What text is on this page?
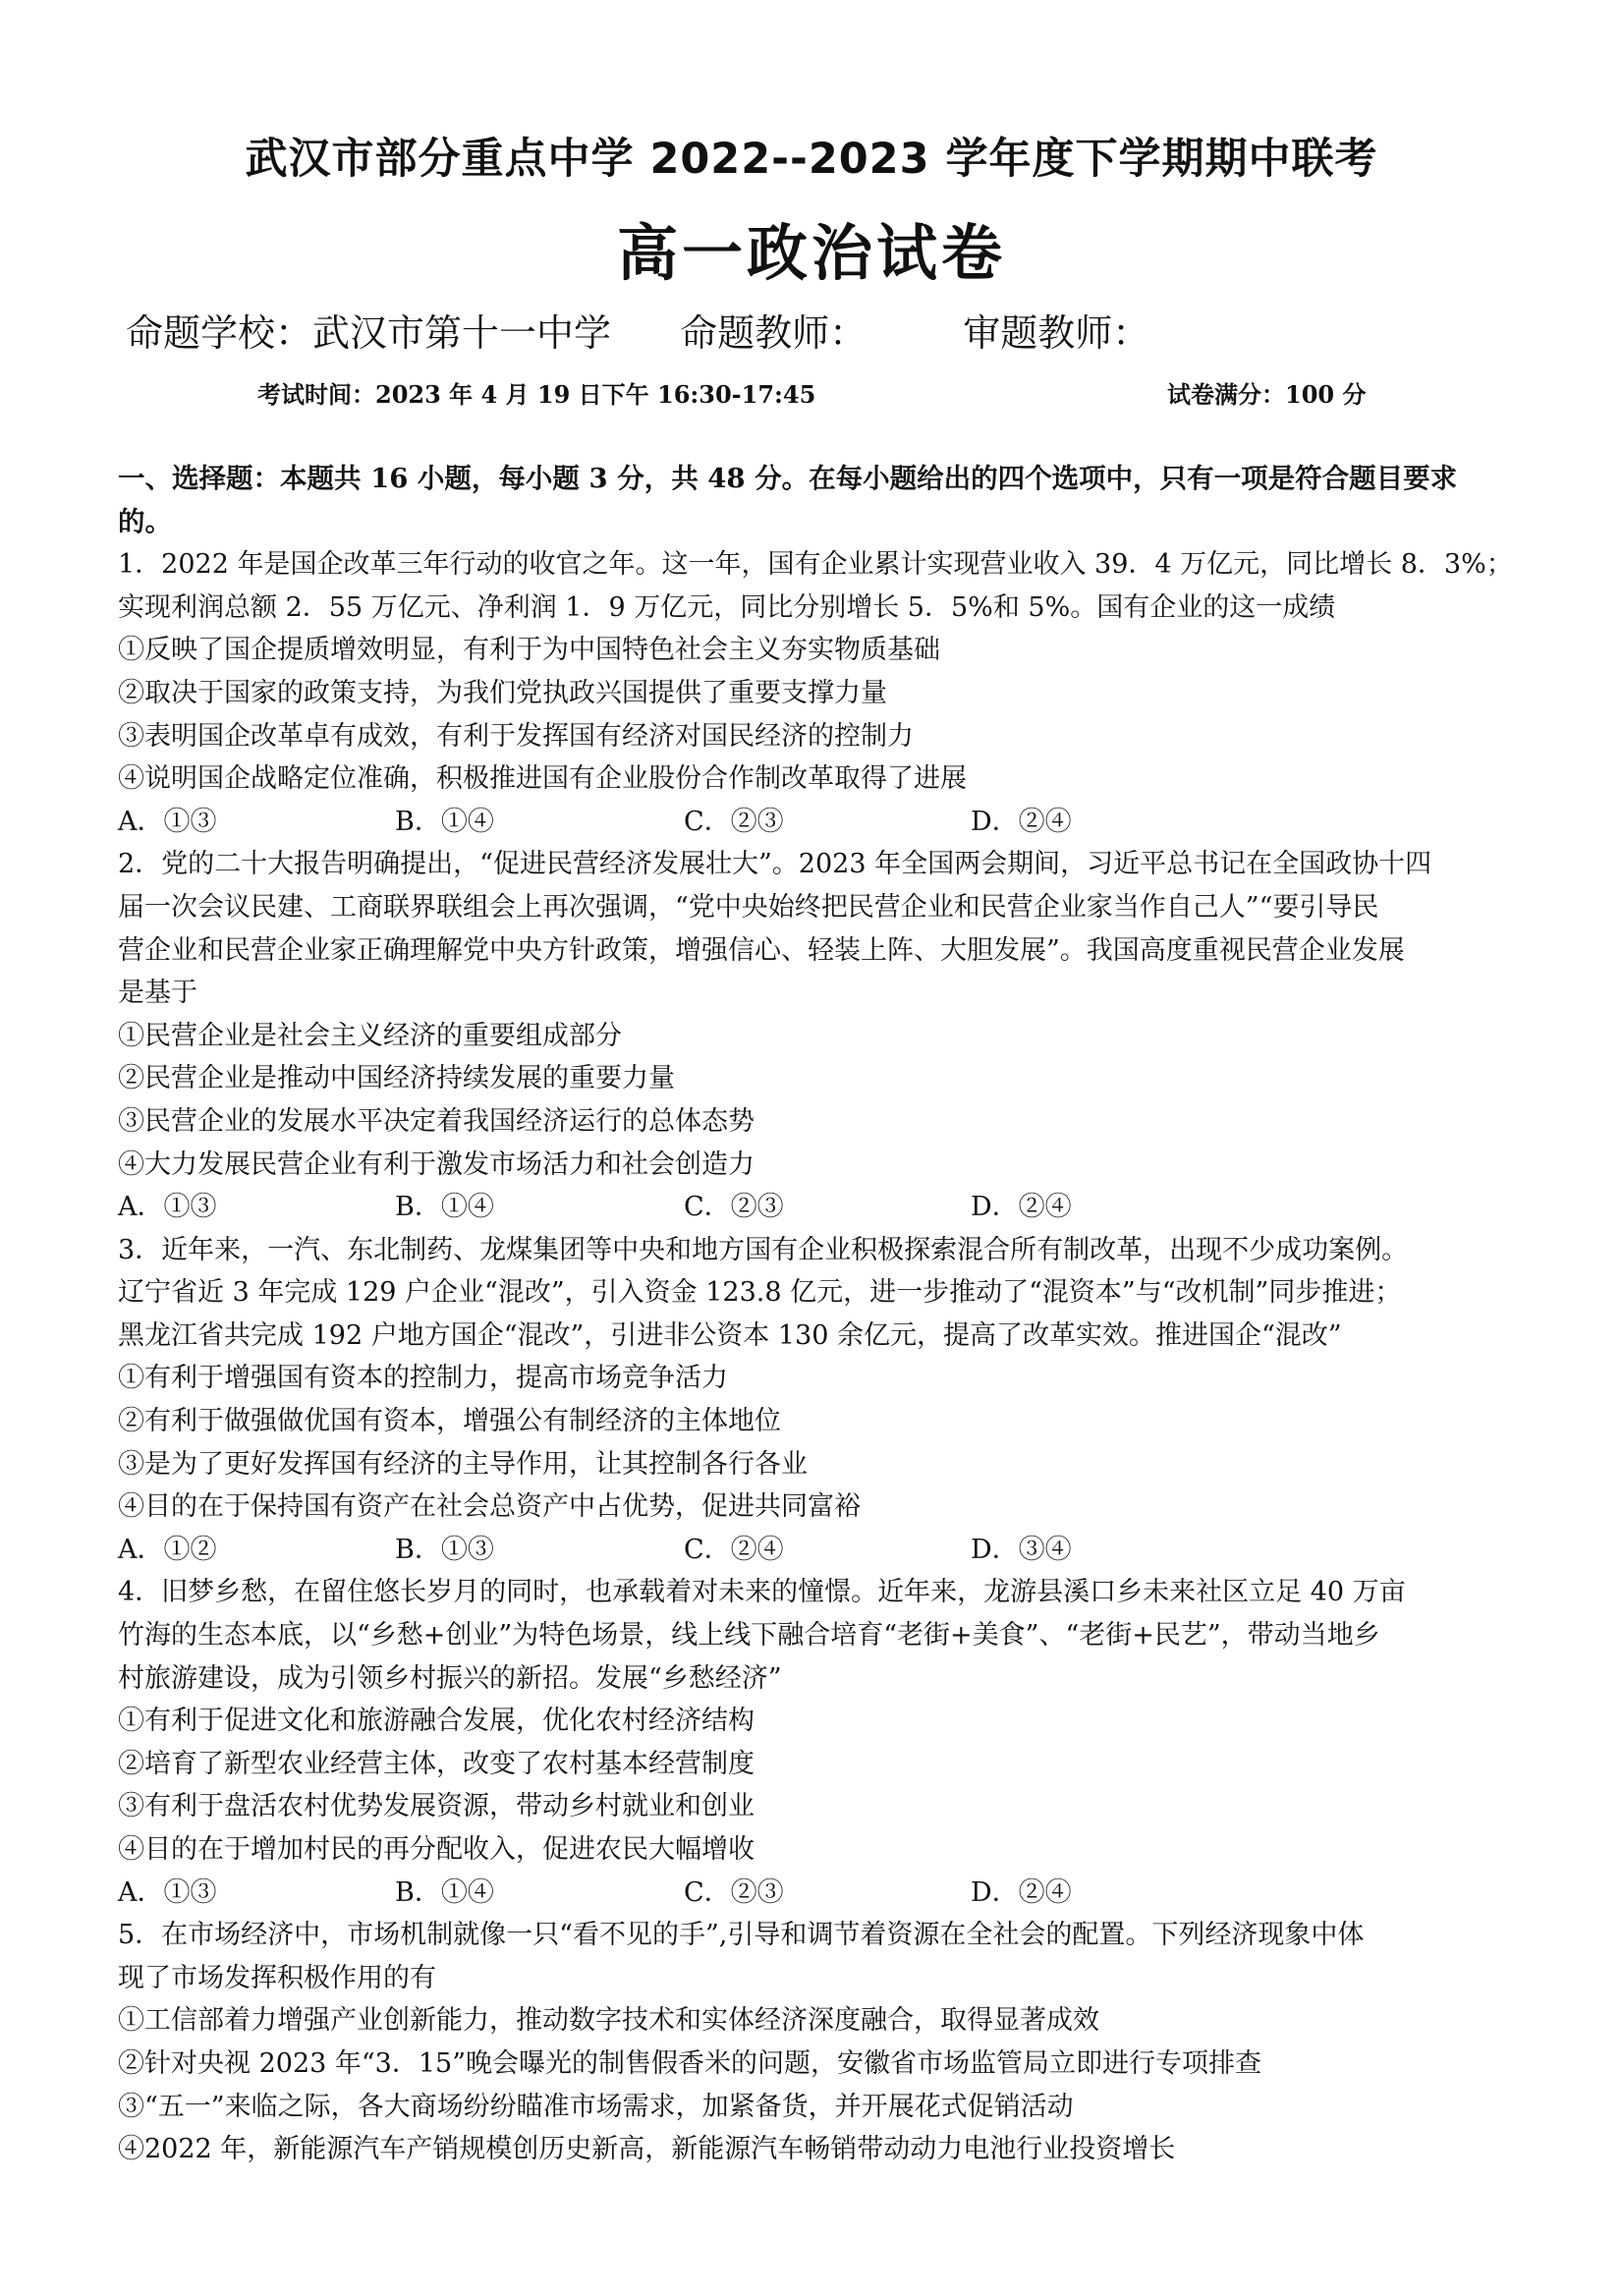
武汉市部分重点中学 2022--2023 学年度下学期期中联考
高一政治试卷
命题学校：武汉市第十一中学 命题教师：	审题教师：
考试时间：2023 年 4 月 19 日下午 16:30-17:45	试卷满分：100 分
一、选择题：本题共 16 小题，每小题 3 分，共 48 分。在每小题给出的四个选项中，只有一项是符合题目要求
的。
1．2022 年是国企改革三年行动的收官之年。这一年，国有企业累计实现营业收入 39．4 万亿元，同比增长 8．3%；
实现利润总额 2．55 万亿元、净利润 1．9 万亿元，同比分别增长 5．5%和 5%。国有企业的这一成绩
①反映了国企提质增效明显，有利于为中国特色社会主义夯实物质基础
②取决于国家的政策支持，为我们党执政兴国提供了重要支撑力量
③表明国企改革卓有成效，有利于发挥国有经济对国民经济的控制力
④说明国企战略定位准确，积极推进国有企业股份合作制改革取得了进展
A．①③	B．①④	C．②③	D．②④
2．党的二十大报告明确提出，“促进民营经济发展壮大”。2023 年全国两会期间，习近平总书记在全国政协十四
届一次会议民建、工商联界联组会上再次强调，“党中央始终把民营企业和民营企业家当作自己人”“要引导民
营企业和民营企业家正确理解党中央方针政策，增强信心、轻装上阵、大胆发展”。我国高度重视民营企业发展
是基于
①民营企业是社会主义经济的重要组成部分
②民营企业是推动中国经济持续发展的重要力量
③民营企业的发展水平决定着我国经济运行的总体态势
④大力发展民营企业有利于激发市场活力和社会创造力
A．①③	B．①④	C．②③	D．②④
3．近年来，一汽、东北制药、龙煤集团等中央和地方国有企业积极探索混合所有制改革，出现不少成功案例。
辽宁省近 3 年完成 129 户企业“混改”，引入资金 123.8 亿元，进一步推动了“混资本”与“改机制”同步推进；
黑龙江省共完成 192 户地方国企“混改”，引进非公资本 130 余亿元，提高了改革实效。推进国企“混改”
①有利于增强国有资本的控制力，提高市场竞争活力
②有利于做强做优国有资本，增强公有制经济的主体地位
③是为了更好发挥国有经济的主导作用，让其控制各行各业
④目的在于保持国有资产在社会总资产中占优势，促进共同富裕
A．①②	B．①③	C．②④	D．③④
4．旧梦乡愁，在留住悠长岁月的同时，也承载着对未来的憧憬。近年来，龙游县溪口乡未来社区立足 40 万亩
竹海的生态本底，以“乡愁+创业”为特色场景，线上线下融合培育“老街+美食”、“老街+民艺”，带动当地乡
村旅游建设，成为引领乡村振兴的新招。发展“乡愁经济”
①有利于促进文化和旅游融合发展，优化农村经济结构
②培育了新型农业经营主体，改变了农村基本经营制度
③有利于盘活农村优势发展资源，带动乡村就业和创业
④目的在于增加村民的再分配收入，促进农民大幅增收
A．①③	B．①④	C．②③	D．②④
5．在市场经济中，市场机制就像一只“看不见的手”,引导和调节着资源在全社会的配置。下列经济现象中体
现了市场发挥积极作用的有
①工信部着力增强产业创新能力，推动数字技术和实体经济深度融合，取得显著成效
②针对央视 2023 年“3．15”晚会曝光的制售假香米的问题，安徽省市场监管局立即进行专项排查
③“五一”来临之际，各大商场纷纷瞄准市场需求，加紧备货，并开展花式促销活动
④2022 年，新能源汽车产销规模创历史新高，新能源汽车畅销带动动力电池行业投资增长
